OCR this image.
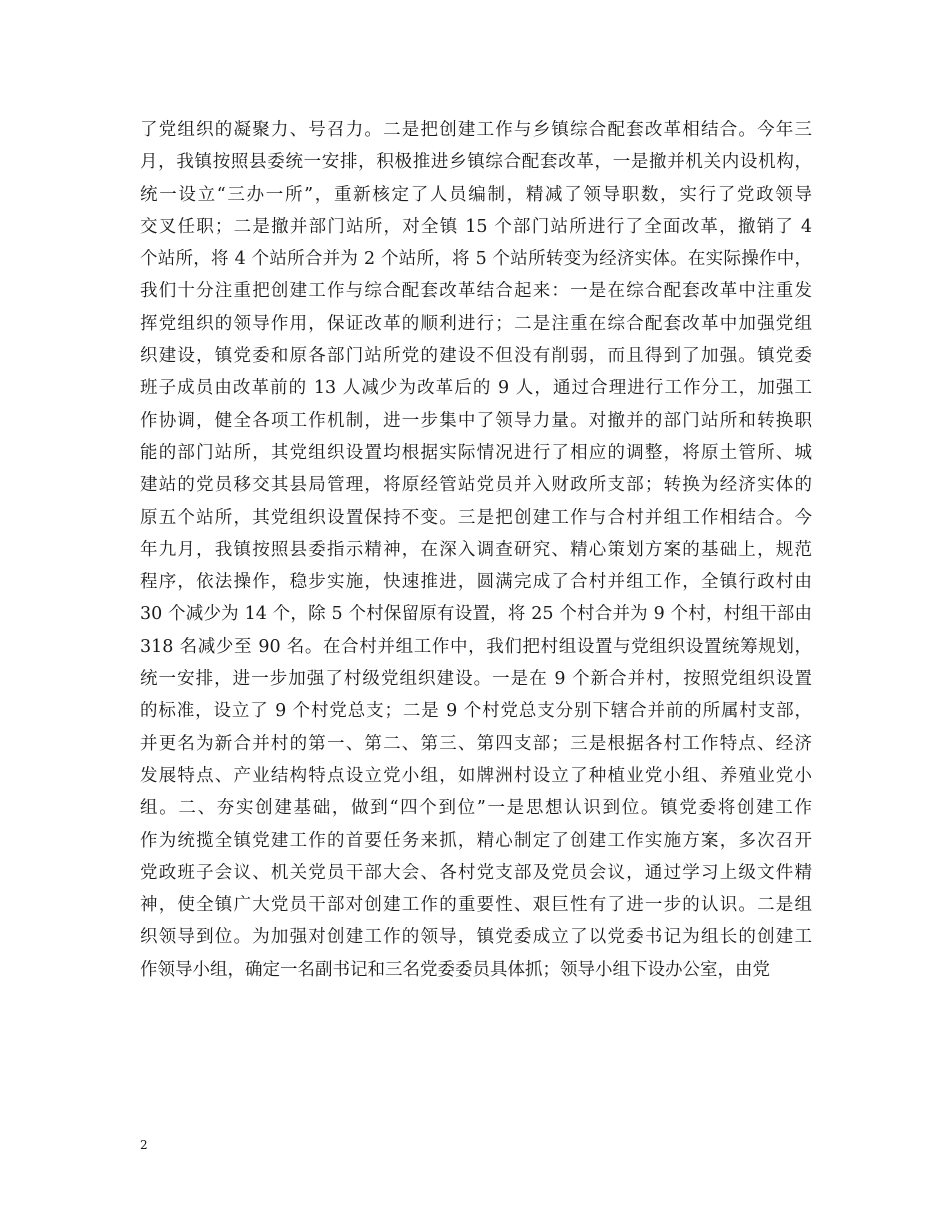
了党组织的凝聚力、号召力。二是把创建工作与乡镇综合配套改革相结合。今年三
月，我镇按照县委统一安排，积极推进乡镇综合配套改革，一是撤并机关内设机构，
统一设立“三办一所”，重新核定了人员编制，精减了领导职数，实行了党政领导
交叉任职；二是撤并部门站所，对全镇 15 个部门站所进行了全面改革，撤销了 4
个站所，将 4 个站所合并为 2 个站所，将 5 个站所转变为经济实体。在实际操作中，
我们十分注重把创建工作与综合配套改革结合起来：一是在综合配套改革中注重发
挥党组织的领导作用，保证改革的顺利进行；二是注重在综合配套改革中加强党组
织建设，镇党委和原各部门站所党的建设不但没有削弱，而且得到了加强。镇党委
班子成员由改革前的 13 人减少为改革后的 9 人，通过合理进行工作分工，加强工
作协调，健全各项工作机制，进一步集中了领导力量。对撤并的部门站所和转换职
能的部门站所，其党组织设置均根据实际情况进行了相应的调整，将原土管所、城
建站的党员移交其县局管理，将原经管站党员并入财政所支部；转换为经济实体的
原五个站所，其党组织设置保持不变。三是把创建工作与合村并组工作相结合。今
年九月，我镇按照县委指示精神，在深入调查研究、精心策划方案的基础上，规范
程序，依法操作，稳步实施，快速推进，圆满完成了合村并组工作，全镇行政村由
30 个减少为 14 个，除 5 个村保留原有设置，将 25 个村合并为 9 个村，村组干部由
318 名减少至 90 名。在合村并组工作中，我们把村组设置与党组织设置统筹规划，
统一安排，进一步加强了村级党组织建设。一是在 9 个新合并村，按照党组织设置
的标准，设立了 9 个村党总支；二是 9 个村党总支分别下辖合并前的所属村支部，
并更名为新合并村的第一、第二、第三、第四支部；三是根据各村工作特点、经济
发展特点、产业结构特点设立党小组，如牌洲村设立了种植业党小组、养殖业党小
组。二、夯实创建基础，做到“四个到位”一是思想认识到位。镇党委将创建工作
作为统揽全镇党建工作的首要任务来抓，精心制定了创建工作实施方案，多次召开
党政班子会议、机关党员干部大会、各村党支部及党员会议，通过学习上级文件精
神，使全镇广大党员干部对创建工作的重要性、艰巨性有了进一步的认识。二是组
织领导到位。为加强对创建工作的领导，镇党委成立了以党委书记为组长的创建工
作领导小组，确定一名副书记和三名党委委员具体抓；领导小组下设办公室，由党
2
